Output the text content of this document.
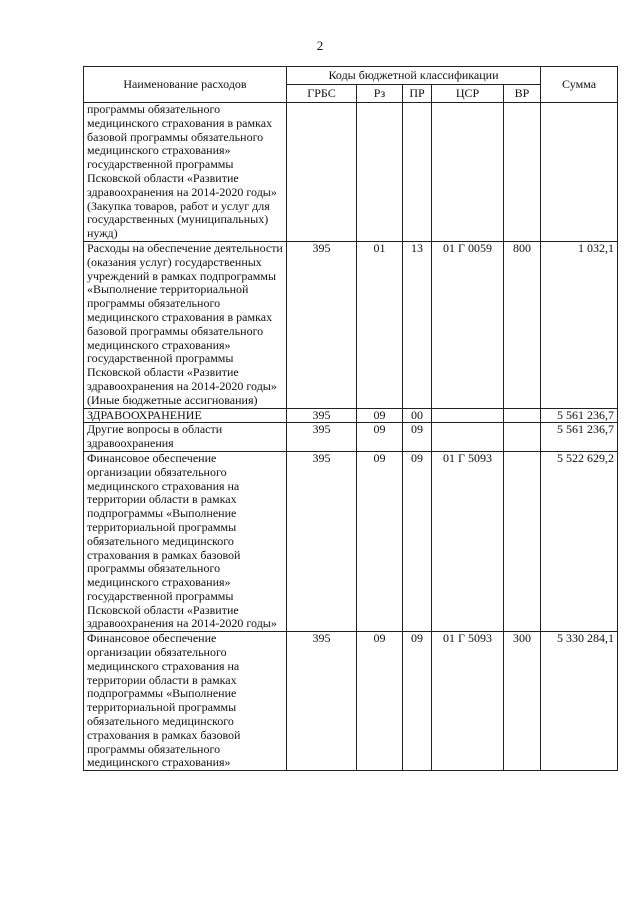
2
Наименование расходов	Коды бюджетной классификации					Сумма
	ГРБС	Рз	ПР	ЦСР	ВР	
программы обязательного медицинского страхования в рамках базовой программы обязательного медицинского страхования» государственной программы Псковской области «Развитие здравоохранения на 2014-2020 годы» (Закупка товаров, работ и услуг для государственных (муниципальных) нужд)						
Расходы на обеспечение деятельности (оказания услуг) государственных учреждений в рамках подпрограммы «Выполнение территориальной программы обязательного медицинского страхования в рамках базовой программы обязательного медицинского страхования» государственной программы Псковской области «Развитие здравоохранения на 2014-2020 годы» (Иные бюджетные ассигнования)	395	01	13	01 Г 0059	800	1 032,1
ЗДРАВООХРАНЕНИЕ	395	09	00			5 561 236,7
Другие вопросы в области здравоохранения	395	09	09			5 561 236,7
Финансовое обеспечение организации обязательного медицинского страхования на территории области в рамках подпрограммы «Выполнение территориальной программы обязательного медицинского страхования в рамках базовой программы обязательного медицинского страхования» государственной программы Псковской области «Развитие здравоохранения на 2014-2020 годы»	395	09	09	01 Г 5093		5 522 629,2
Финансовое обеспечение организации обязательного медицинского страхования на территории области в рамках подпрограммы «Выполнение территориальной программы обязательного медицинского страхования в рамках базовой программы обязательного медицинского страхования»	395	09	09	01 Г 5093	300	5 330 284,1
